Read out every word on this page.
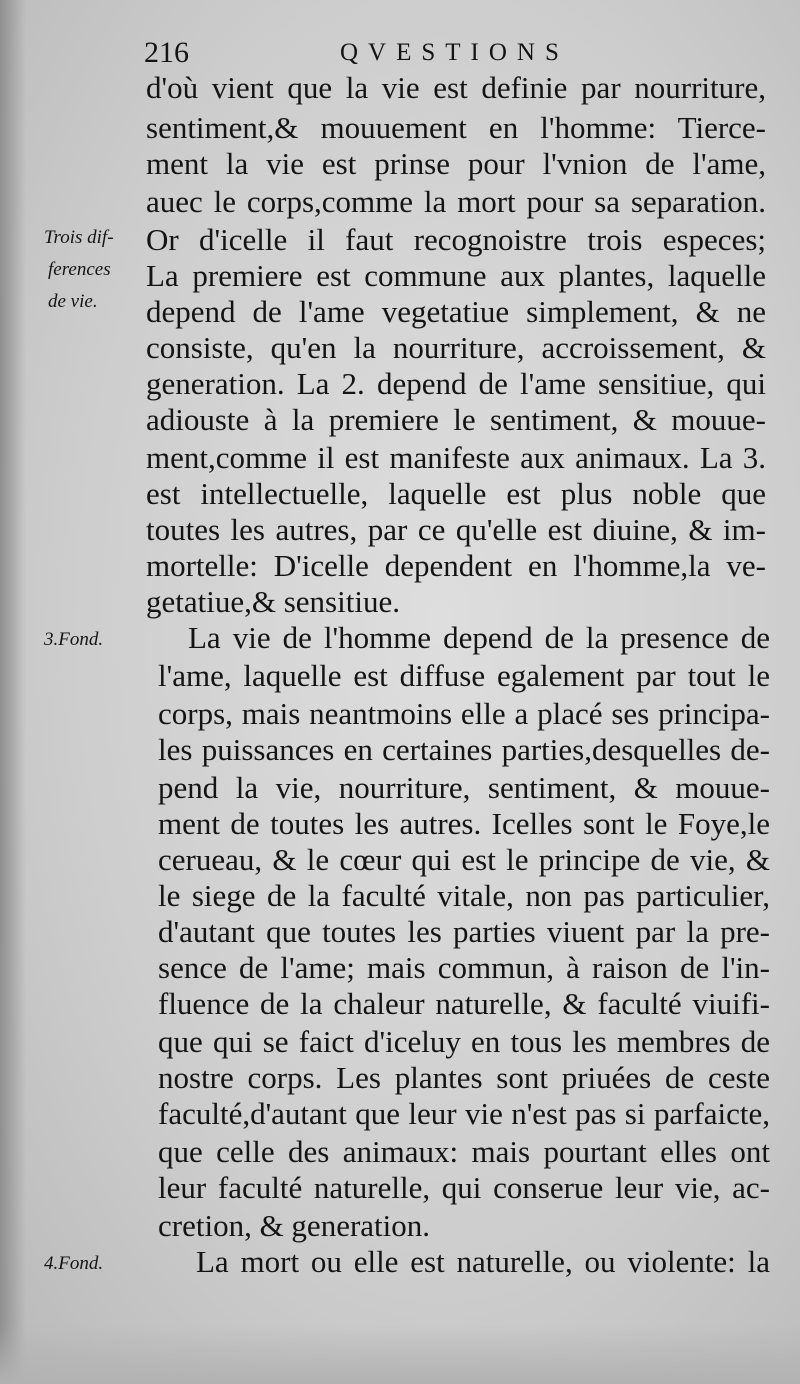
216	QVESTIONS
Trois dif-
ferences
de vie.
3.Fond.
4.Fond.
d'où vient que la vie est definie par nourriture,
sentiment,& mouuement en l'homme: Tierce-
ment la vie est prinse pour l'vnion de l'ame,
auec le corps,comme la mort pour sa separation.
Or d'icelle il faut recognoistre trois especes;
La premiere est commune aux plantes, laquelle
depend de l'ame vegetatiue simplement, & ne
consiste, qu'en la nourriture, accroissement, &
generation. La 2. depend de l'ame sensitiue, qui
adiouste à la premiere le sentiment, & mouue-
ment,comme il est manifeste aux animaux. La 3.
est intellectuelle, laquelle est plus noble que
toutes les autres, par ce qu'elle est diuine, & im-
mortelle: D'icelle dependent en l'homme,la ve-
getatiue,& sensitiue.
La vie de l'homme depend de la presence de
l'ame, laquelle est diffuse egalement par tout le
corps, mais neantmoins elle a placé ses principa-
les puissances en certaines parties,desquelles de-
pend la vie, nourriture, sentiment, & mouue-
ment de toutes les autres. Icelles sont le Foye,le
cerueau, & le cœur qui est le principe de vie, &
le siege de la faculté vitale, non pas particulier,
d'autant que toutes les parties viuent par la pre-
sence de l'ame; mais commun, à raison de l'in-
fluence de la chaleur naturelle, & faculté viuifi-
que qui se faict d'iceluy en tous les membres de
nostre corps. Les plantes sont priuées de ceste
faculté,d'autant que leur vie n'est pas si parfaicte,
que celle des animaux: mais pourtant elles ont
leur faculté naturelle, qui conserue leur vie, ac-
cretion, & generation.
La mort ou elle est naturelle, ou violente: la
